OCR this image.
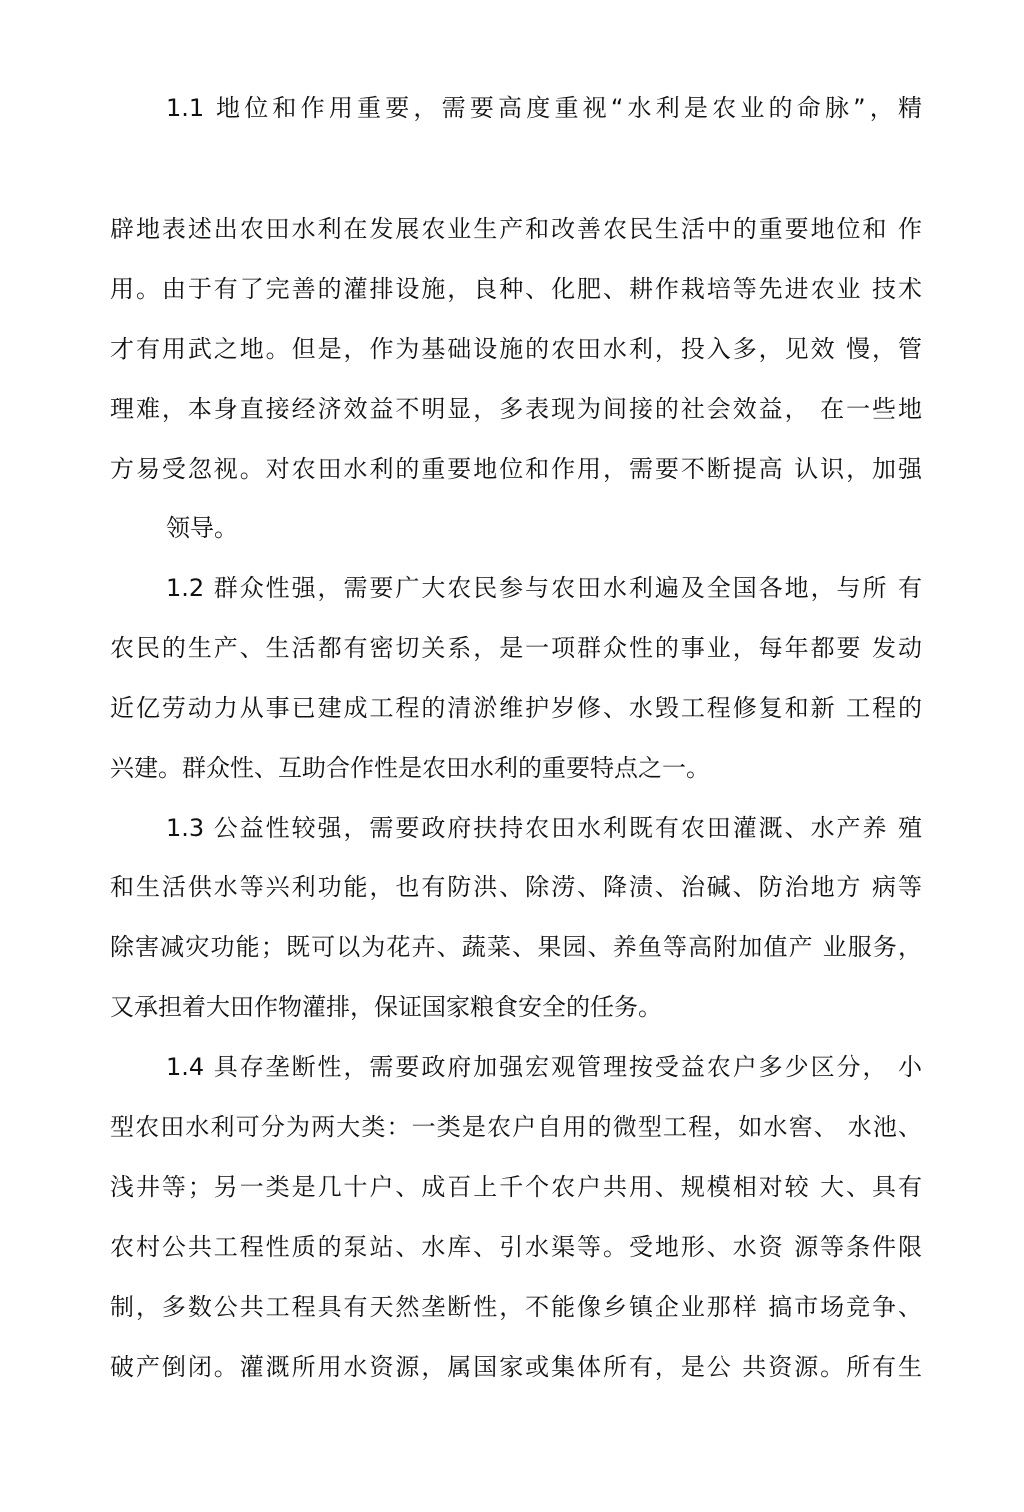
1.1 地位和作用重要，需要高度重视“水利是农业的命脉”，精
辟地表述出农田水利在发展农业生产和改善农民生活中的重要地位和 作
用。由于有了完善的灌排设施，良种、化肥、耕作栽培等先进农业 技术
才有用武之地。但是，作为基础设施的农田水利，投入多，见效 慢，管
理难，本身直接经济效益不明显，多表现为间接的社会效益， 在一些地
方易受忽视。对农田水利的重要地位和作用，需要不断提高 认识，加强
领导。
1.2 群众性强，需要广大农民参与农田水利遍及全国各地，与所 有
农民的生产、生活都有密切关系，是一项群众性的事业，每年都要 发动
近亿劳动力从事已建成工程的清淤维护岁修、水毁工程修复和新 工程的
兴建。群众性、互助合作性是农田水利的重要特点之一。
1.3 公益性较强，需要政府扶持农田水利既有农田灌溉、水产养 殖
和生活供水等兴利功能，也有防洪、除涝、降渍、治碱、防治地方 病等
除害减灾功能；既可以为花卉、蔬菜、果园、养鱼等高附加值产 业服务，
又承担着大田作物灌排，保证国家粮食安全的任务。
1.4 具存垄断性，需要政府加强宏观管理按受益农户多少区分， 小
型农田水利可分为两大类：一类是农户自用的微型工程，如水窖、 水池、
浅井等；另一类是几十户、成百上千个农户共用、规模相对较 大、具有
农村公共工程性质的泵站、水库、引水渠等。受地形、水资 源等条件限
制，多数公共工程具有天然垄断性，不能像乡镇企业那样 搞市场竞争、
破产倒闭。灌溉所用水资源，属国家或集体所有，是公 共资源。所有生
